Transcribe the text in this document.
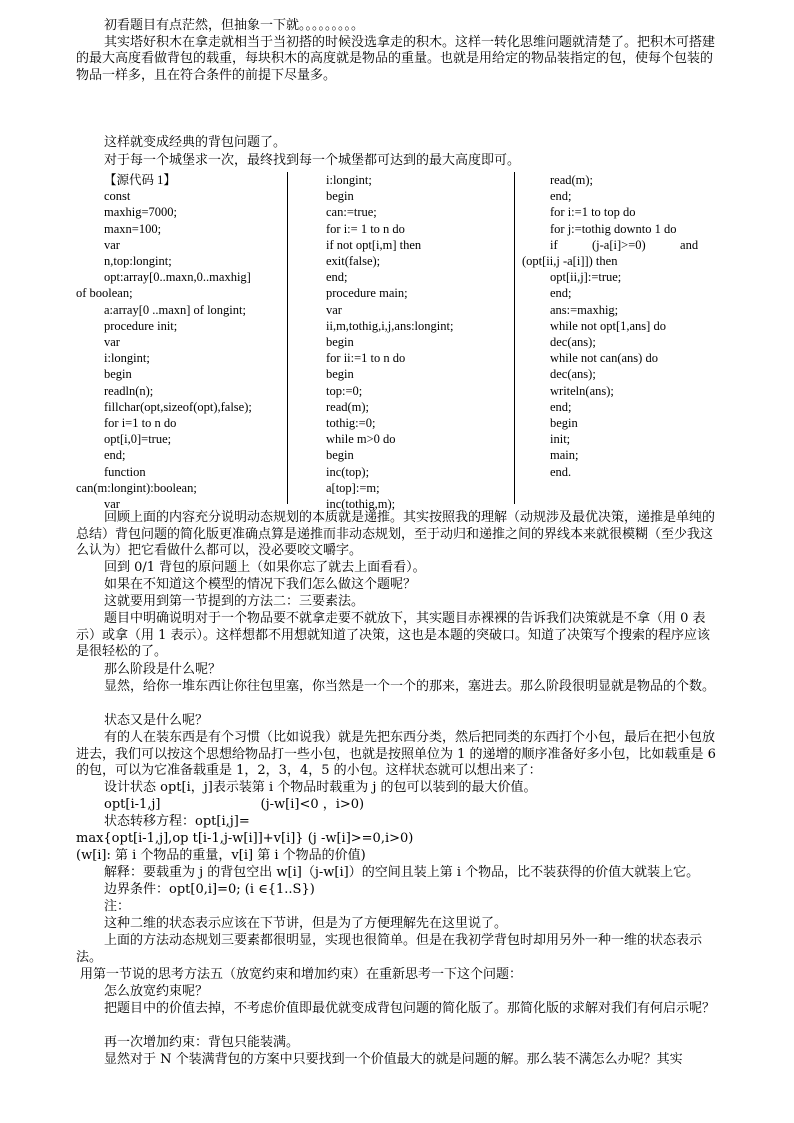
初看题目有点茫然，但抽象一下就。。。。。。。。。

其实塔好积木在拿走就相当于当初搭的时候没选拿走的积木。这样一转化思维问题就清楚了。把积木可搭建的最大高度看做背包的载重，每块积木的高度就是物品的重量。也就是用给定的物品装指定的包，使每个包装的物品一样多，且在符合条件的前提下尽量多。

这样就变成经典的背包问题了。

对于每一个城堡求一次，最终找到每一个城堡都可达到的最大高度即可。

【源代码 1】
const
maxhig=7000;
maxn=100;
var
n,top:longint;
opt:array[0..maxn,0..maxhig]
of boolean;
a:array[0 ..maxn] of longint;
procedure init;
var
i:longint;
begin
readln(n);
fillchar(opt,sizeof(opt),false);
for i=1 to n do
opt[i,0]=true;
end;
function
can(m:longint):boolean;
var
i:longint;
begin
can:=true;
for i:= 1 to n do
if not opt[i,m] then
exit(false);
end;
procedure main;
var
ii,m,tothig,i,j,ans:longint;
begin
for ii:=1 to n do
begin
top:=0;
read(m);
tothig:=0;
while m>0 do
begin
inc(top);
a[top]:=m;
inc(tothig,m);
read(m);
end;
for i:=1 to top do
for j:=tothig downto 1 do
if           (j-a[i]>=0)           and
(opt[ii,j -a[i]]) then
opt[ii,j]:=true;
end;
ans:=maxhig;
while not opt[1,ans] do
dec(ans);
while not can(ans) do
dec(ans);
writeln(ans);
end;
begin
init;
main;
end.

回顾上面的内容充分说明动态规划的本质就是递推。其实按照我的理解（动规涉及最优决策，递推是单纯的总结）背包问题的简化版更准确点算是递推而非动态规划，至于动归和递推之间的界线本来就很模糊（至少我这么认为）把它看做什么都可以，没必要咬文嚼字。

回到 0/1 背包的原问题上（如果你忘了就去上面看看）。

如果在不知道这个模型的情况下我们怎么做这个题呢？

这就要用到第一节提到的方法二：三要素法。

题目中明确说明对于一个物品要不就拿走要不就放下，其实题目赤裸裸的告诉我们决策就是不拿（用 0 表示）或拿（用 1 表示）。这样想都不用想就知道了决策，这也是本题的突破口。知道了决策写个搜索的程序应该是很轻松的了。

那么阶段是什么呢？

显然，给你一堆东西让你往包里塞，你当然是一个一个的那来，塞进去。那么阶段很明显就是物品的个数。

状态又是什么呢？

有的人在装东西是有个习惯（比如说我）就是先把东西分类，然后把同类的东西打个小包，最后在把小包放进去，我们可以按这个思想给物品打一些小包，也就是按照单位为 1 的递增的顺序准备好多小包，比如载重是 6 的包，可以为它准备载重是 1，2，3，4，5 的小包。这样状态就可以想出来了：

设计状态 opt[i，j]表示装第 i 个物品时载重为 j 的包可以装到的最大价值。

opt[i-1,j]	(j-w[i]<0 ，i>0)

状态转移方程：opt[i,j]=

max{opt[i-1,j],op t[i-1,j-w[i]]+v[i]} (j -w[i]>=0,i>0)

(w[i]: 第 i 个物品的重量，v[i] 第 i 个物品的价值)

解释：要载重为 j 的背包空出 w[i]（j-w[i]）的空间且装上第 i 个物品，比不装获得的价值大就装上它。

边界条件：opt[0,i]=0; (i ∈{1..S})

注：

这种二维的状态表示应该在下节讲，但是为了方便理解先在这里说了。

上面的方法动态规划三要素都很明显，实现也很简单。但是在我初学背包时却用另外一种一维的状态表示法。

用第一节说的思考方法五（放宽约束和增加约束）在重新思考一下这个问题：

怎么放宽约束呢？

把题目中的价值去掉，不考虑价值即最优就变成背包问题的简化版了。那简化版的求解对我们有何启示呢？

再一次增加约束：背包只能装满。

显然对于 N 个装满背包的方案中只要找到一个价值最大的就是问题的解。那么装不满怎么办呢？其实
